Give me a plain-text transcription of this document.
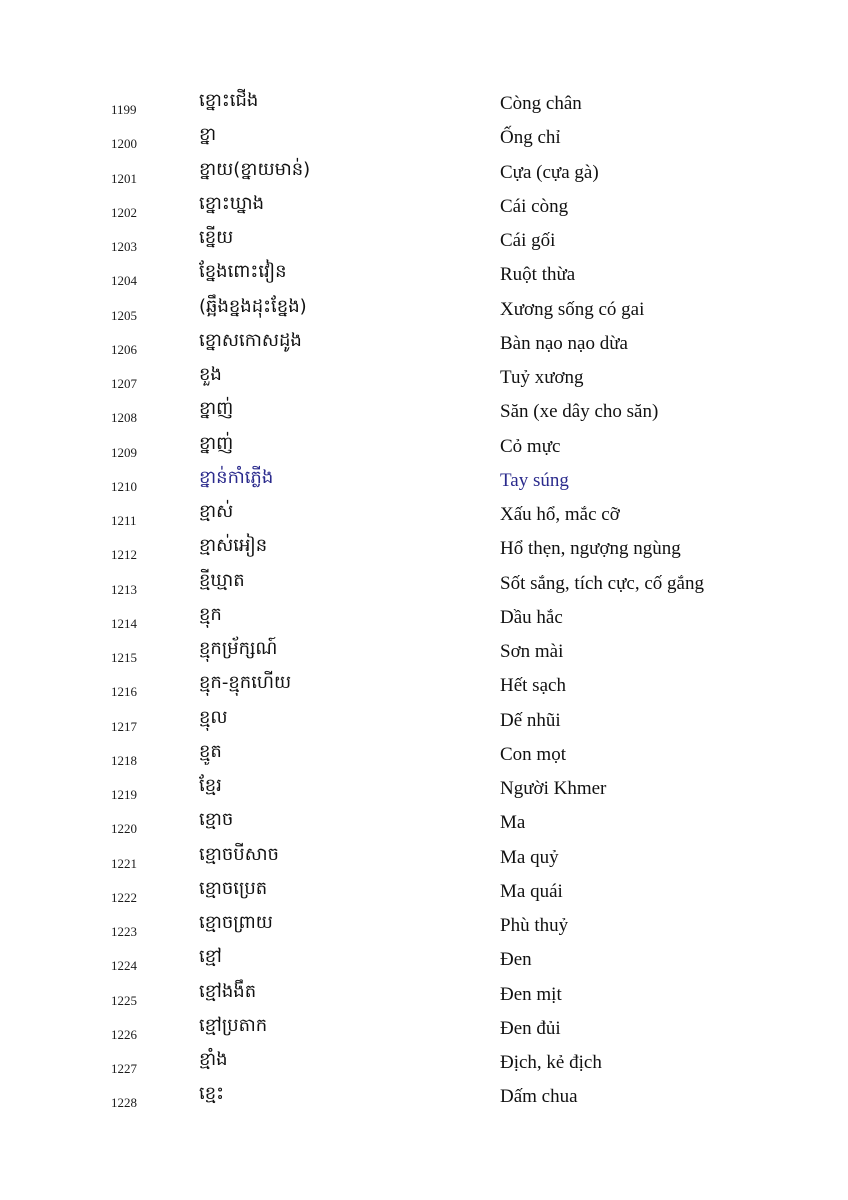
1199	ខ្នោះជើង	Còng chân
1200	ខ្នា	Ống chỉ
1201	ខ្នាយ(ខ្នាយមាន់)	Cựa (cựa gà)
1202	ខ្នោះឃ្នាង	Cái còng
1203	ខ្នើយ	Cái gối
1204	ខ្នែងពោះវៀន	Ruột thừa
1205	(ឆ្អឹងខ្នងដុះខ្នែង)	Xương sống có gai
1206	ខ្នោសកោសដូង	Bàn nạo nạo dừa
1207	ខួង	Tuỷ xương
1208	ខ្នាញ់	Săn (xe dây cho săn)
1209	ខ្នាញ់	Cỏ mực
1210	ខ្នាន់កាំភ្លើង	Tay súng
1211	ខ្មាស់	Xấu hổ, mắc cỡ
1212	ខ្មាស់អៀន	Hổ thẹn, ngượng ngùng
1213	ខ្មីឃ្មាត	Sốt sắng, tích cực, cố gắng
1214	ខ្មុក	Dầu hắc
1215	ខ្មុកម្រ័ក្សណ៍	Sơn mài
1216	ខ្មុក-ខ្មុកហើយ	Hết sạch
1217	ខ្មុល	Dế nhũi
1218	ខ្មូត	Con mọt
1219	ខ្មែរ	Người Khmer
1220	ខ្មោច	Ma
1221	ខ្មោចបីសាច	Ma quỷ
1222	ខ្មោចប្រេត	Ma quái
1223	ខ្មោចព្រាយ	Phù thuỷ
1224	ខ្មៅ	Đen
1225	ខ្មៅងងឹត	Đen mịt
1226	ខ្មៅប្រតាក	Đen đủi
1227	ខ្មាំង	Địch, kẻ địch
1228	ខ្មេះ	Dấm chua
